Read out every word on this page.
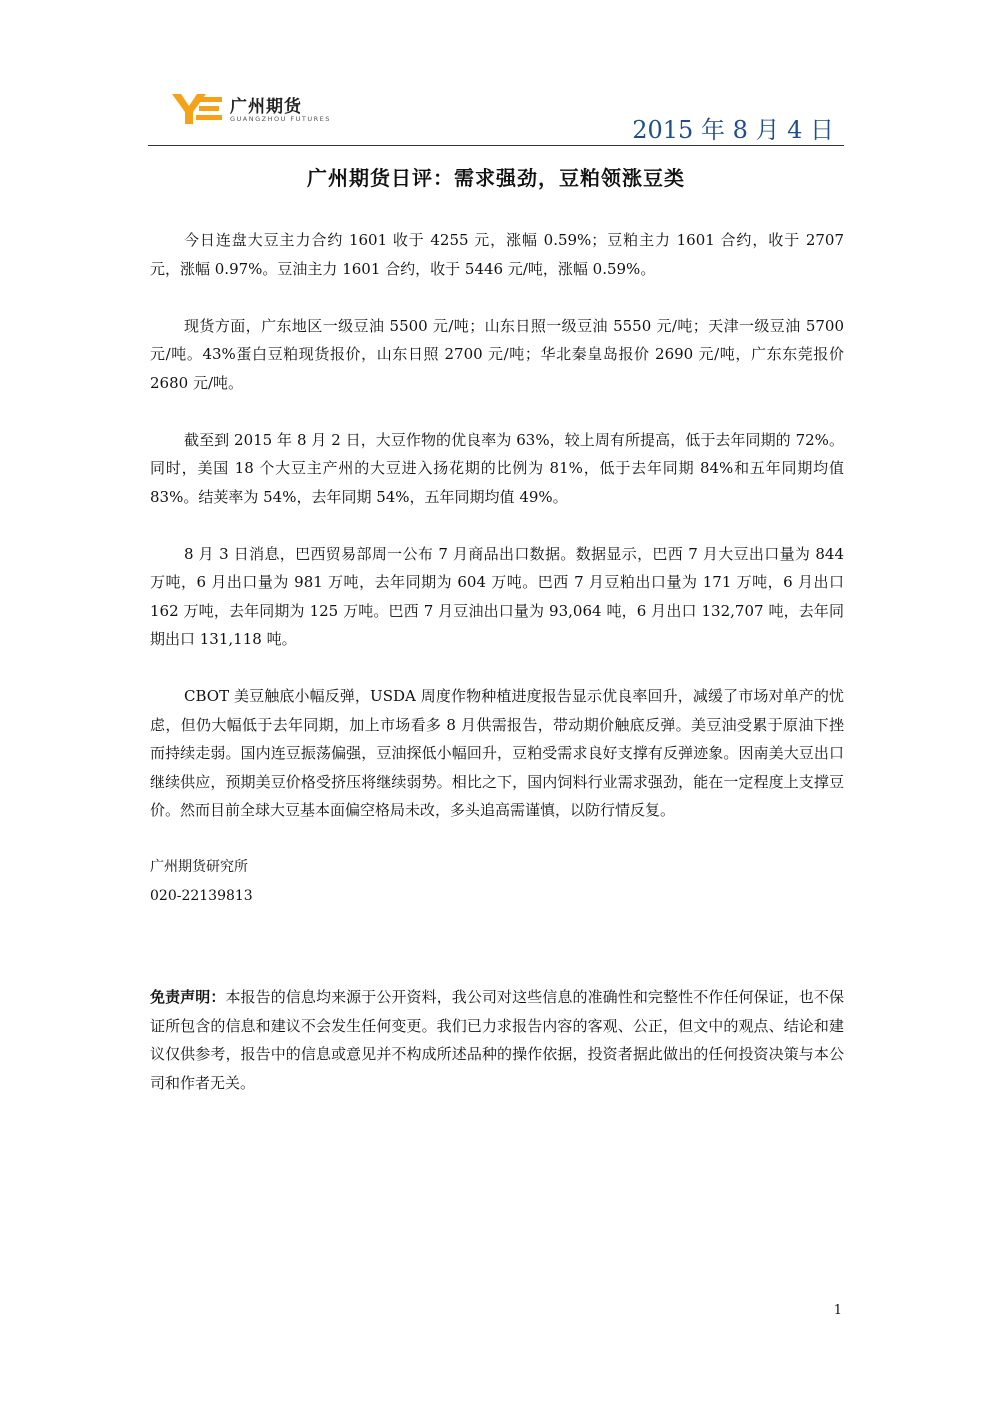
广州期货
GUANGZHOU FUTURES	2015 年 8 月 4 日
广州期货日评：需求强劲，豆粕领涨豆类

今日连盘大豆主力合约 1601 收于 4255 元，涨幅 0.59%；豆粕主力 1601 合约，收于 2707 元，涨幅 0.97%。豆油主力 1601 合约，收于 5446 元/吨，涨幅 0.59%。

现货方面，广东地区一级豆油 5500 元/吨；山东日照一级豆油 5550 元/吨；天津一级豆油 5700 元/吨。43%蛋白豆粕现货报价，山东日照 2700 元/吨；华北秦皇岛报价 2690 元/吨，广东东莞报价 2680 元/吨。

截至到 2015 年 8 月 2 日，大豆作物的优良率为 63%，较上周有所提高，低于去年同期的 72%。同时，美国 18 个大豆主产州的大豆进入扬花期的比例为 81%，低于去年同期 84%和五年同期均值 83%。结荚率为 54%，去年同期 54%，五年同期均值 49%。

8 月 3 日消息，巴西贸易部周一公布 7 月商品出口数据。数据显示，巴西 7 月大豆出口量为 844 万吨，6 月出口量为 981 万吨，去年同期为 604 万吨。巴西 7 月豆粕出口量为 171 万吨，6 月出口 162 万吨，去年同期为 125 万吨。巴西 7 月豆油出口量为 93,064 吨，6 月出口 132,707 吨，去年同期出口 131,118 吨。

CBOT 美豆触底小幅反弹，USDA 周度作物种植进度报告显示优良率回升，减缓了市场对单产的忧虑，但仍大幅低于去年同期，加上市场看多 8 月供需报告，带动期价触底反弹。美豆油受累于原油下挫而持续走弱。国内连豆振荡偏强，豆油探低小幅回升，豆粕受需求良好支撑有反弹迹象。因南美大豆出口继续供应，预期美豆价格受挤压将继续弱势。相比之下，国内饲料行业需求强劲，能在一定程度上支撑豆价。然而目前全球大豆基本面偏空格局未改，多头追高需谨慎，以防行情反复。

广州期货研究所
020-22139813

免责声明：本报告的信息均来源于公开资料，我公司对这些信息的准确性和完整性不作任何保证，也不保证所包含的信息和建议不会发生任何变更。我们已力求报告内容的客观、公正，但文中的观点、结论和建议仅供参考，报告中的信息或意见并不构成所述品种的操作依据，投资者据此做出的任何投资决策与本公司和作者无关。

1
